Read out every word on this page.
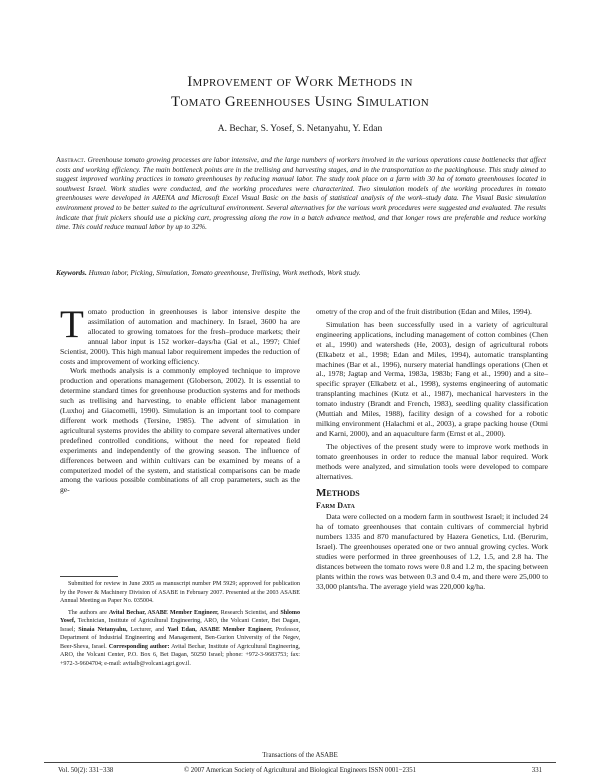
Improvement of Work Methods in
Tomato Greenhouses Using Simulation
A. Bechar, S. Yosef, S. Netanyahu, Y. Edan
Abstract. Greenhouse tomato growing processes are labor intensive, and the large numbers of workers involved in the various operations cause bottlenecks that affect costs and working efficiency. The main bottleneck points are in the trellising and harvesting stages, and in the transportation to the packinghouse. This study aimed to suggest improved working practices in tomato greenhouses by reducing manual labor. The study took place on a farm with 30 ha of tomato greenhouses located in southwest Israel. Work studies were conducted, and the working procedures were characterized. Two simulation models of the working procedures in tomato greenhouses were developed in ARENA and Microsoft Excel Visual Basic on the basis of statistical analysis of the work–study data. The Visual Basic simulation environment proved to be better suited to the agricultural environment. Several alternatives for the various work procedures were suggested and evaluated. The results indicate that fruit pickers should use a picking cart, progressing along the row in a batch advance method, and that longer rows are preferable and reduce working time. This could reduce manual labor by up to 32%.
Keywords. Human labor, Picking, Simulation, Tomato greenhouse, Trellising, Work methods, Work study.

T omato production in greenhouses is labor intensive despite the assimilation of automation and machinery. In Israel, 3600 ha are allocated to growing tomatoes for the fresh–produce markets; their annual labor input is 152 worker–days/ha (Gal et al., 1997; Chief Scientist, 2000). This high manual labor requirement impedes the reduction of costs and improvement of working efficiency.

Work methods analysis is a commonly employed technique to improve production and operations management (Globerson, 2002). It is essential to determine standard times for greenhouse production systems and for methods such as trellising and harvesting, to enable efficient labor management (Luxhoj and Giacomelli, 1990). Simulation is an important tool to compare different work methods (Tersine, 1985). The advent of simulation in agricultural systems provides the ability to compare several alternatives under predefined controlled conditions, without the need for repeated field experiments and independently of the growing season. The influence of differences between and within cultivars can be examined by means of a computerized model of the system, and statistical comparisons can be made among the various possible combinations of all crop parameters, such as the ge-

Submitted for review in June 2005 as manuscript number PM 5929; approved for publication by the Power & Machinery Division of ASABE in February 2007. Presented at the 2003 ASABE Annual Meeting as Paper No. 035004.

The authors are Avital Bechar, ASABE Member Engineer, Research Scientist, and Shlomo Yosef, Technician, Institute of Agricultural Engineering, ARO, the Volcani Center, Bet Dagan, Israel; Sinaia Netanyahu, Lecturer, and Yael Edan, ASABE Member Engineer, Professor, Department of Industrial Engineering and Management, Ben-Gurion University of the Negev, Beer-Sheva, Israel. Corresponding author: Avital Bechar, Institute of Agricultural Engineering, ARO, the Volcani Center, P.O. Box 6, Bet Dagan, 50250 Israel; phone: +972-3-9683753; fax: +972-3-9604704; e-mail: avitalb@volcani.agri.gov.il.

ometry of the crop and of the fruit distribution (Edan and Miles, 1994).

Simulation has been successfully used in a variety of agricultural engineering applications, including management of cotton combines (Chen et al., 1990) and watersheds (He, 2003), design of agricultural robots (Elkabetz et al., 1998; Edan and Miles, 1994), automatic transplanting machines (Bar et al., 1996), nursery material handlings operations (Chen et al., 1978; Jagtap and Verma, 1983a, 1983b; Fang et al., 1990) and a site–specific sprayer (Elkabetz et al., 1998), systems engineering of automatic transplanting machines (Kutz et al., 1987), mechanical harvesters in the tomato industry (Brandt and French, 1983), seedling quality classification (Muttiah and Miles, 1988), facility design of a cowshed for a robotic milking environment (Halachmi et al., 2003), a grape packing house (Otmi and Karni, 2000), and an aquaculture farm (Ernst et al., 2000).

The objectives of the present study were to improve work methods in tomato greenhouses in order to reduce the manual labor required. Work methods were analyzed, and simulation tools were developed to compare alternatives.

Methods
Farm Data

Data were collected on a modern farm in southwest Israel; it included 24 ha of tomato greenhouses that contain cultivars of commercial hybrid numbers 1335 and 870 manufactured by Hazera Genetics, Ltd. (Berurim, Israel). The greenhouses operated one or two annual growing cycles. Work studies were performed in three greenhouses of 1.2, 1.5, and 2.8 ha. The distances between the tomato rows were 0.8 and 1.2 m, the spacing between plants within the rows was between 0.3 and 0.4 m, and there were 25,000 to 33,000 plants/ha. The average yield was 220,000 kg/ha.

Transactions of the ASABE
Vol. 50(2): 331−338	© 2007 American Society of Agricultural and Biological Engineers ISSN 0001−2351	331
